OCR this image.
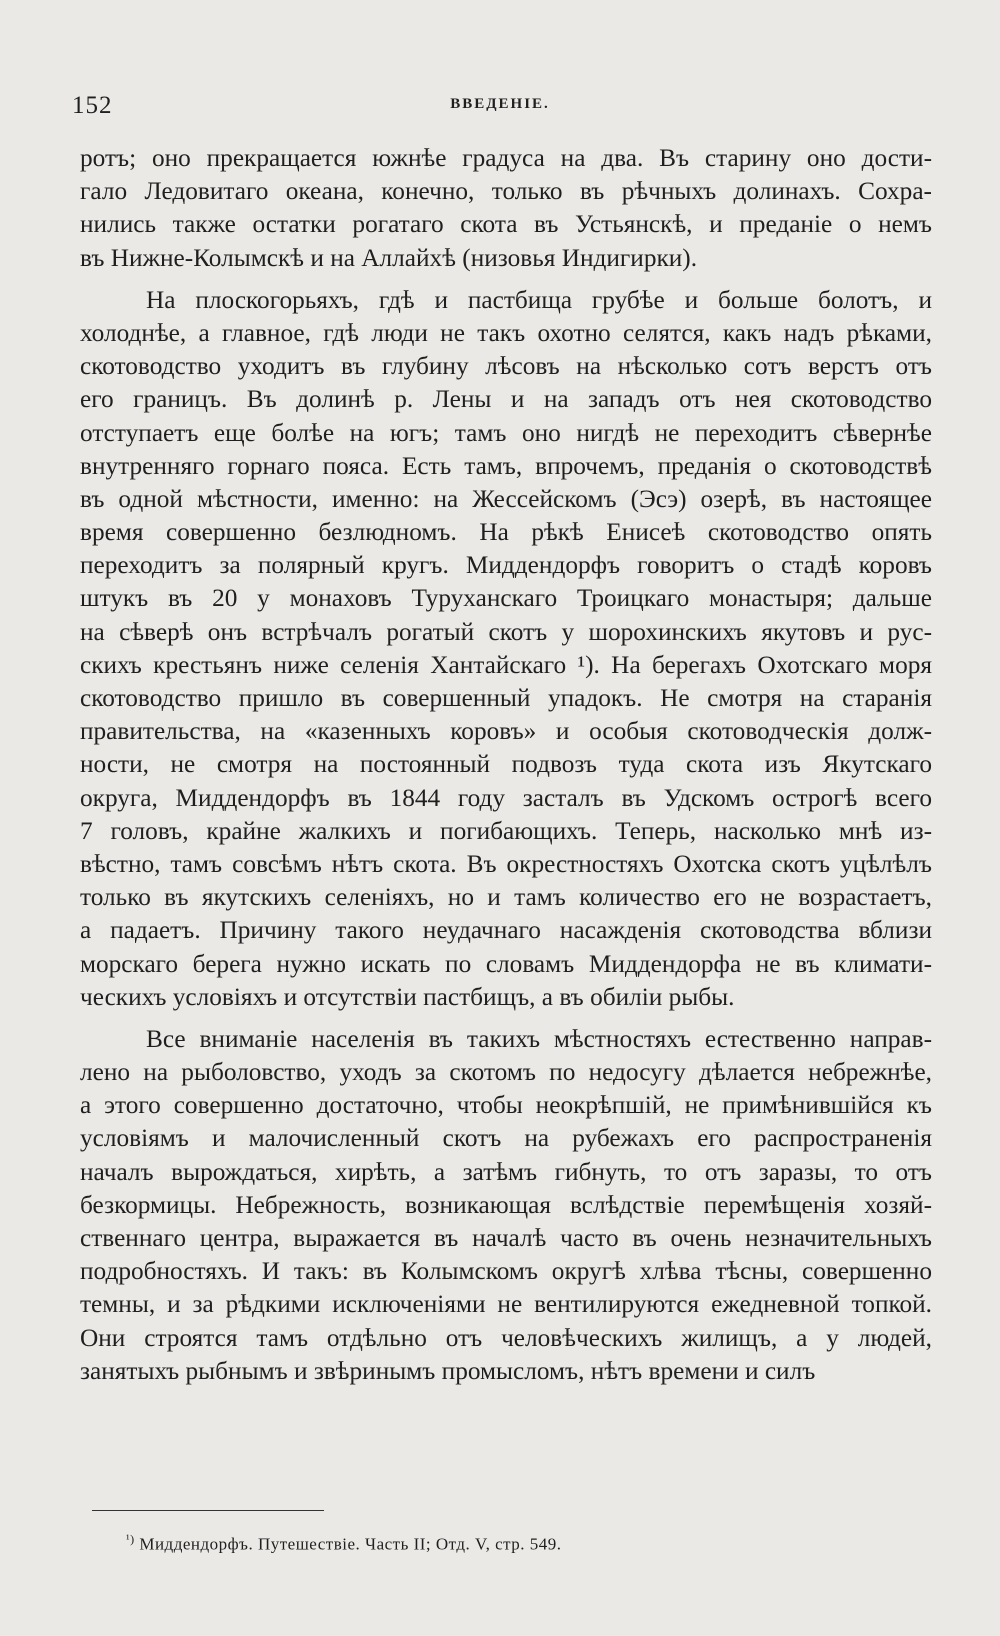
152	ВВЕДЕНІЕ.
ротъ; оно прекращается южнѣе градуса на два. Въ старину оно дости-
гало Ледовитаго океана, конечно, только въ рѣчныхъ долинахъ. Сохра-
нились также остатки рогатаго скота въ Устьянскѣ, и преданіе о немъ
въ Нижне-Колымскѣ и на Аллайхѣ (низовья Индигирки).
На плоскогорьяхъ, гдѣ и пастбища грубѣе и больше болотъ, и
холоднѣе, а главное, гдѣ люди не такъ охотно селятся, какъ надъ рѣками,
скотоводство уходитъ въ глубину лѣсовъ на нѣсколько сотъ верстъ отъ
его границъ. Въ долинѣ р. Лены и на западъ отъ нея скотоводство
отступаетъ еще болѣе на югъ; тамъ оно нигдѣ не переходитъ сѣвернѣе
внутренняго горнаго пояса. Есть тамъ, впрочемъ, преданія о скотоводствѣ
въ одной мѣстности, именно: на Жессейскомъ (Эсэ) озерѣ, въ настоящее
время совершенно безлюдномъ. На рѣкѣ Енисеѣ скотоводство опять
переходитъ за полярный кругъ. Миддендорфъ говоритъ о стадѣ коровъ
штукъ въ 20 у монаховъ Туруханскаго Троицкаго монастыря; дальше
на сѣверѣ онъ встрѣчалъ рогатый скотъ у шорохинскихъ якутовъ и рус-
скихъ крестьянъ ниже селенія Хантайскаго ¹). На берегахъ Охотскаго моря
скотоводство пришло въ совершенный упадокъ. Не смотря на старанія
правительства, на «казенныхъ коровъ» и особыя скотоводческія долж-
ности, не смотря на постоянный подвозъ туда скота изъ Якутскаго
округа, Миддендорфъ въ 1844 году засталъ въ Удскомъ острогѣ всего
7 головъ, крайне жалкихъ и погибающихъ. Теперь, насколько мнѣ из-
вѣстно, тамъ совсѣмъ нѣтъ скота. Въ окрестностяхъ Охотска скотъ уцѣлѣлъ
только въ якутскихъ селеніяхъ, но и тамъ количество его не возрастаетъ,
а падаетъ. Причину такого неудачнаго насажденія скотоводства вблизи
морскаго берега нужно искать по словамъ Миддендорфа не въ климати-
ческихъ условіяхъ и отсутствіи пастбищъ, а въ обиліи рыбы.
Все вниманіе населенія въ такихъ мѣстностяхъ естественно направ-
лено на рыболовство, уходъ за скотомъ по недосугу дѣлается небрежнѣе,
а этого совершенно достаточно, чтобы неокрѣпшій, не примѣнившійся къ
условіямъ и малочисленный скотъ на рубежахъ его распространенія
началъ вырождаться, хирѣть, а затѣмъ гибнуть, то отъ заразы, то отъ
безкормицы. Небрежность, возникающая вслѣдствіе перемѣщенія хозяй-
ственнаго центра, выражается въ началѣ часто въ очень незначительныхъ
подробностяхъ. И такъ: въ Колымскомъ округѣ хлѣва тѣсны, совершенно
темны, и за рѣдкими исключеніями не вентилируются ежедневной топкой.
Они строятся тамъ отдѣльно отъ человѣческихъ жилищъ, а у людей,
занятыхъ рыбнымъ и звѣринымъ промысломъ, нѣтъ времени и силъ
$^{^1)}$ Миддендорфъ. Путешествіе. Часть II; Отд. V, стр. 549.
